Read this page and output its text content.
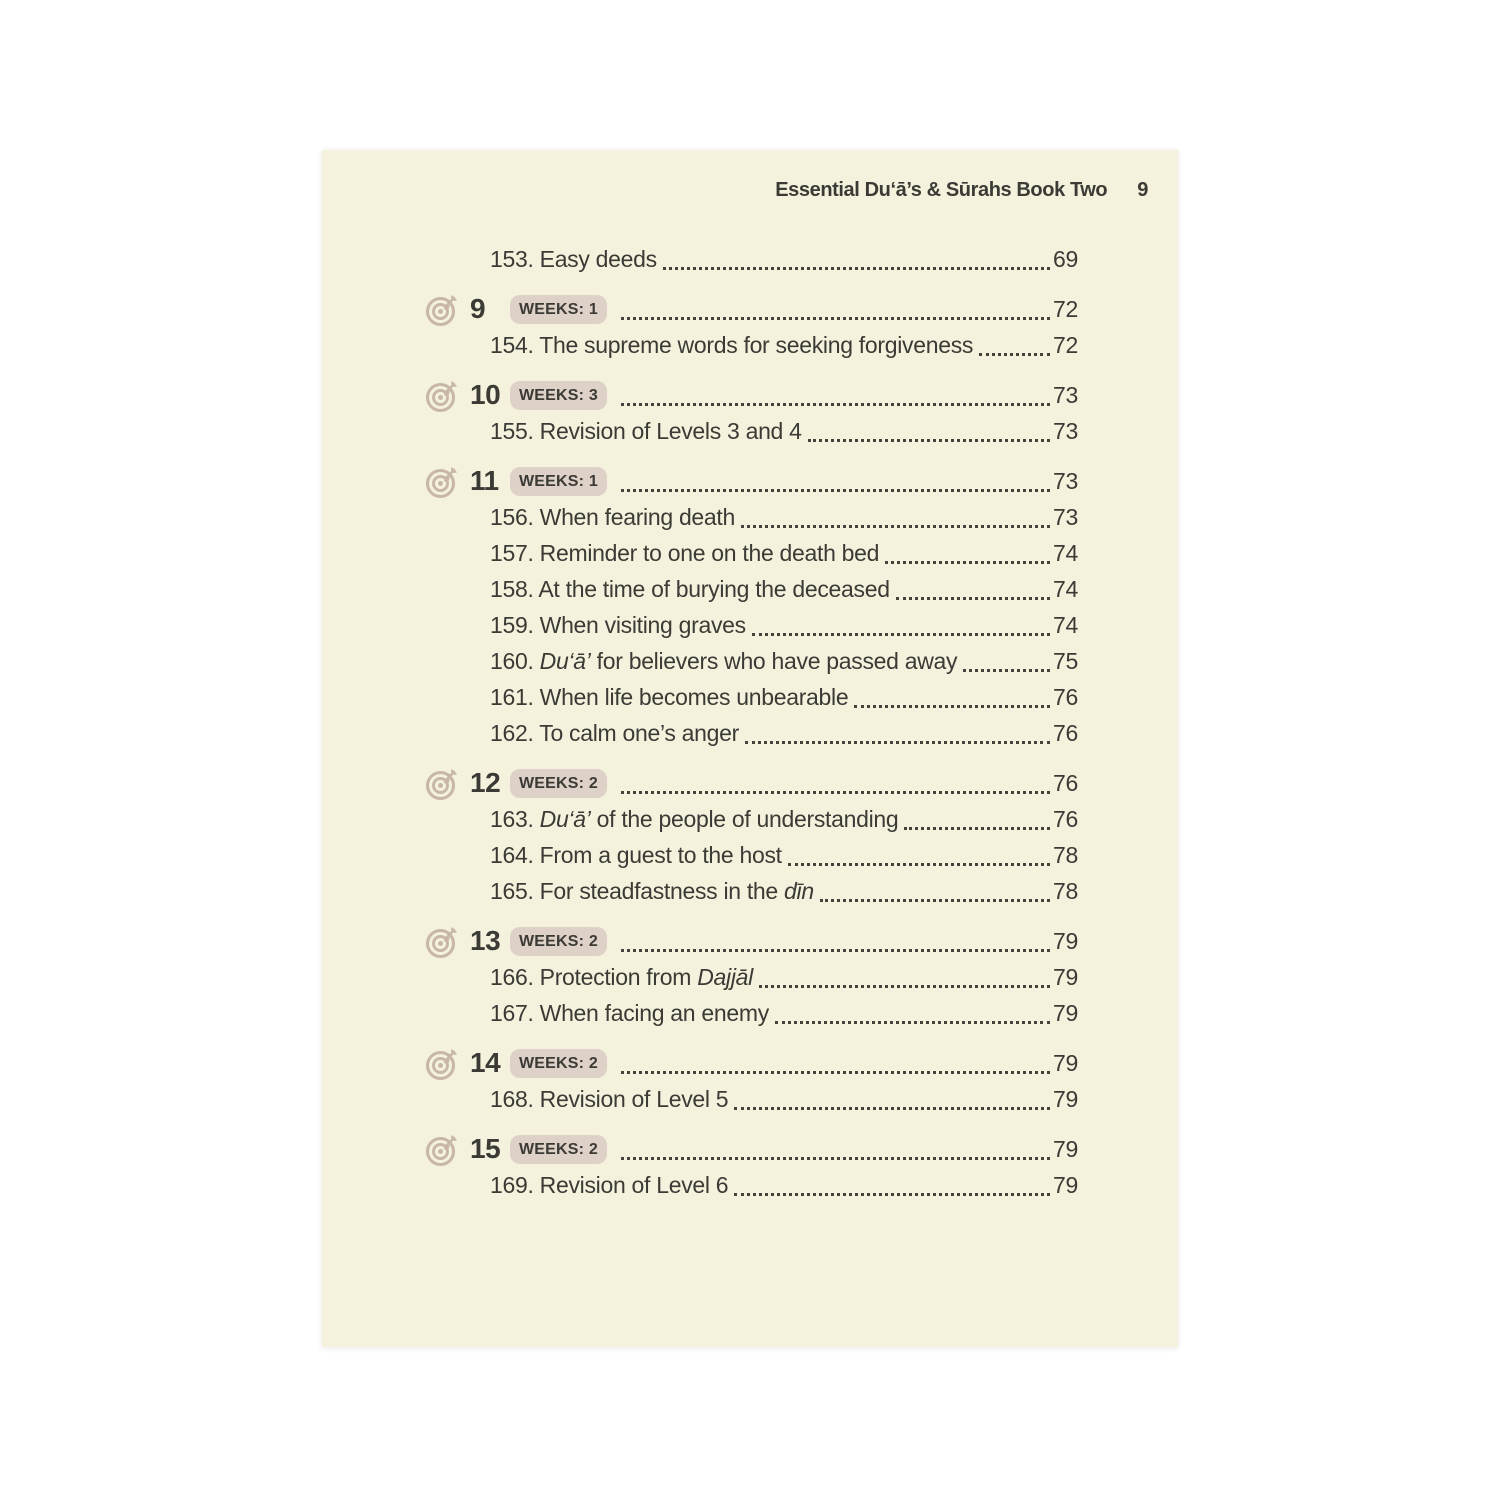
Essential Du‘ā’s & Sūrahs Book Two 9
153. Easy deeds	69
9	WEEKS: 1	72
154. The supreme words for seeking forgiveness	72
10	WEEKS: 3	73
155. Revision of Levels 3 and 4	73
11	WEEKS: 1	73
156. When fearing death	73
157. Reminder to one on the death bed	74
158. At the time of burying the deceased	74
159. When visiting graves	74
160. Du‘ā’ for believers who have passed away	75
161. When life becomes unbearable	76
162. To calm one’s anger	76
12	WEEKS: 2	76
163. Du‘ā’ of the people of understanding	76
164. From a guest to the host	78
165. For steadfastness in the dīn	78
13	WEEKS: 2	79
166. Protection from Dajjāl	79
167. When facing an enemy	79
14	WEEKS: 2	79
168. Revision of Level 5	79
15	WEEKS: 2	79
169. Revision of Level 6	79
